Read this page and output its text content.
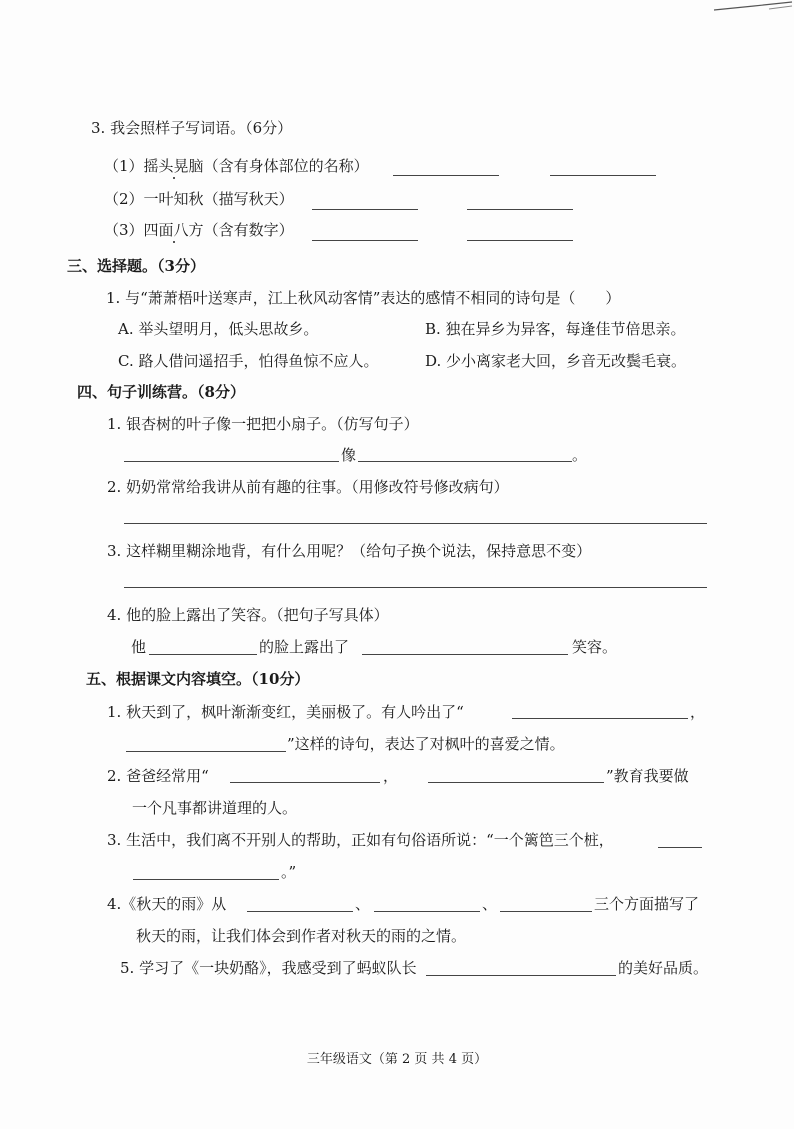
3. 我会照样子写词语。（6分）
（1）摇头晃脑（含有身体部位的名称）
（2）一叶知秋（描写秋天）
（3）四面八方（含有数字）
三、选择题。（3分）
1. 与“萧萧梧叶送寒声，江上秋风动客情”表达的感情不相同的诗句是（　　）
A. 举头望明月，低头思故乡。	B. 独在异乡为异客，每逢佳节倍思亲。
C. 路人借问遥招手，怕得鱼惊不应人。	D. 少小离家老大回，乡音无改鬓毛衰。
四、句子训练营。（8分）
1. 银杏树的叶子像一把把小扇子。（仿写句子）
像	。
2. 奶奶常常给我讲从前有趣的往事。（用修改符号修改病句）
3. 这样糊里糊涂地背，有什么用呢？（给句子换个说法，保持意思不变）
4. 他的脸上露出了笑容。（把句子写具体）
他	的脸上露出了	笑容。
五、根据课文内容填空。（10分）
1. 秋天到了，枫叶渐渐变红，美丽极了。有人吟出了“	，
”这样的诗句，表达了对枫叶的喜爱之情。
2. 爸爸经常用“	，	”教育我要做
一个凡事都讲道理的人。
3. 生活中，我们离不开别人的帮助，正如有句俗语所说：“一个篱笆三个桩，
。”
4.《秋天的雨》从	、	、	三个方面描写了
秋天的雨，让我们体会到作者对秋天的雨的之情。
5. 学习了《一块奶酪》，我感受到了蚂蚁队长	的美好品质。
三年级语文（第 2 页 共 4 页）
